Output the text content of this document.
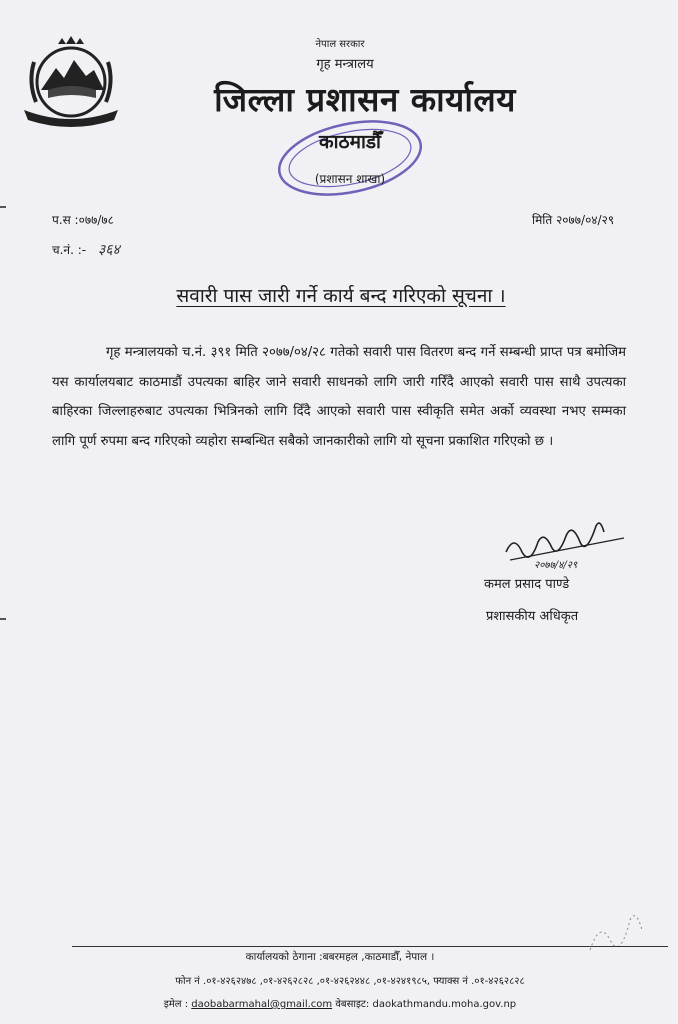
नेपाल सरकार
गृह मन्त्रालय
जिल्ला प्रशासन कार्यालय
काठमाडौँ
(प्रशासन शाखा)
प.स :०७७/७८	मिति २०७७/०४/२९
च.नं. :- ३६४
सवारी पास जारी गर्ने कार्य बन्द गरिएको सूचना ।
गृह मन्त्रालयको च.नं. ३९१ मिति २०७७/०४/२८ गतेको सवारी पास वितरण बन्द गर्ने सम्बन्धी प्राप्त पत्र बमोजिम यस कार्यालयबाट काठमाडौं उपत्यका बाहिर जाने सवारी साधनको लागि जारी गरिँदै आएको सवारी पास साथै उपत्यका बाहिरका जिल्लाहरुबाट उपत्यका भित्रिनको लागि दिँदै आएको सवारी पास स्वीकृति समेत अर्को व्यवस्था नभए सम्मका लागि पूर्ण रुपमा बन्द गरिएको व्यहोरा सम्बन्धित सबैको जानकारीको लागि यो सूचना प्रकाशित गरिएको छ ।
२०७७/४/२९
कमल प्रसाद पाण्डे
प्रशासकीय अधिकृत
कार्यालयको ठेगाना :बबरमहल ,काठमाडौँ, नेपाल ।
फोन नं .०१-४२६२४७८ ,०१-४२६२८२८ ,०१-४२६२४४८ ,०१-४२४१९८५, फ्याक्स नं .०१-४२६२८२८
इमेल : daobabarmahal@gmail.com वेबसाइट: daokathmandu.moha.gov.np
